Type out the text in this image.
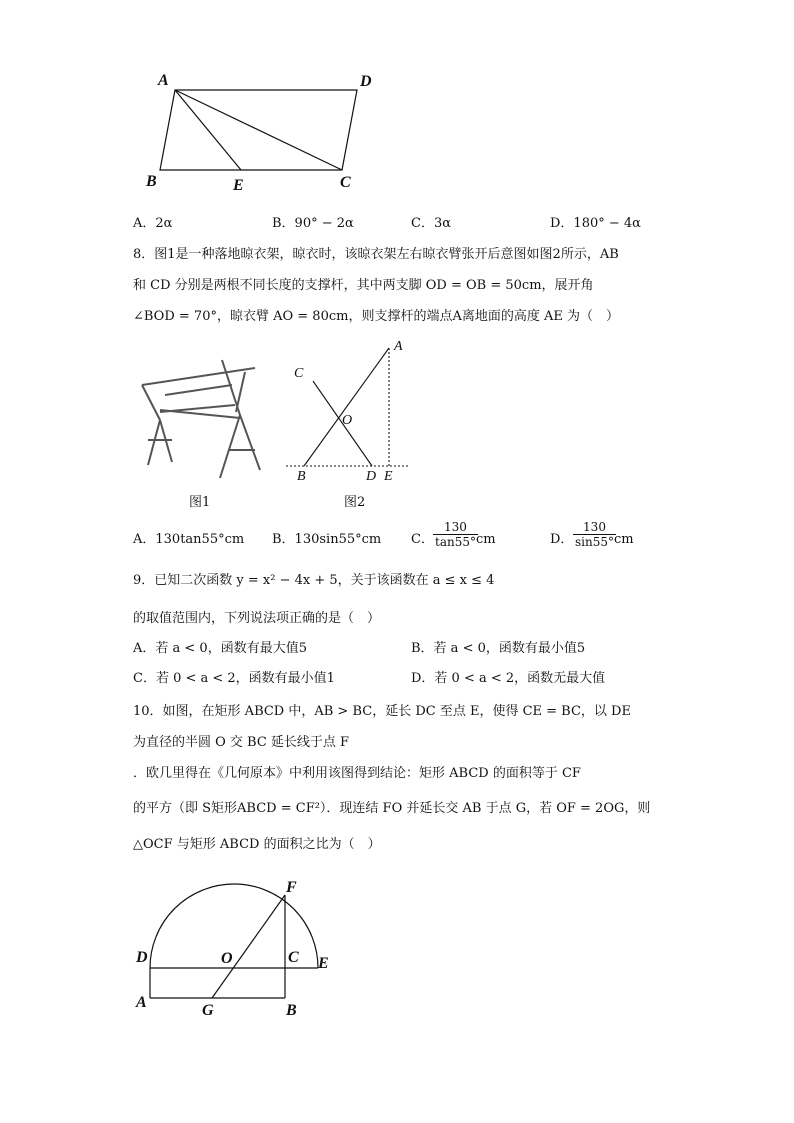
A	D
B	E	C
A．2α	B．90° − 2α	C．3α	D．180° − 4α
8．图1是一种落地晾衣架，晾衣时，该晾衣架左右晾衣臂张开后意图如图2所示，AB
和 CD 分别是两根不同长度的支撑杆，其中两支脚 OD = OB = 50cm，展开角
∠BOD = 70°，晾衣臂 AO = 80cm，则支撑杆的端点A离地面的高度 AE 为（　）
A
C
O
B	D E
图1	图2
A．130tan55°cm B．130sin55°cm C． $\frac{130}{\tan 55^\circ}$
cm	D． $\frac{130}{\sin 55^\circ}$
cm
9．已知二次函数 y = x² − 4x + 5，关于该函数在 a ≤ x ≤ 4
的取值范围内，下列说法项正确的是（　）
A．若 a < 0，函数有最大值5	B．若 a < 0，函数有最小值5
C．若 0 < a < 2，函数有最小值1	D．若 0 < a < 2，函数无最大值
10．如图，在矩形 ABCD 中，AB > BC，延长 DC 至点 E，使得 CE = BC，以 DE
为直径的半圆 O 交 BC 延长线于点 F
．欧几里得在《几何原本》中利用该图得到结论：矩形 ABCD 的面积等于 CF
的平方（即 S矩形ABCD = CF²）．现连结 FO 并延长交 AB 于点 G，若 OF = 2OG，则
△OCF 与矩形 ABCD 的面积之比为（　）
F
D	O	C E
A	G	B
